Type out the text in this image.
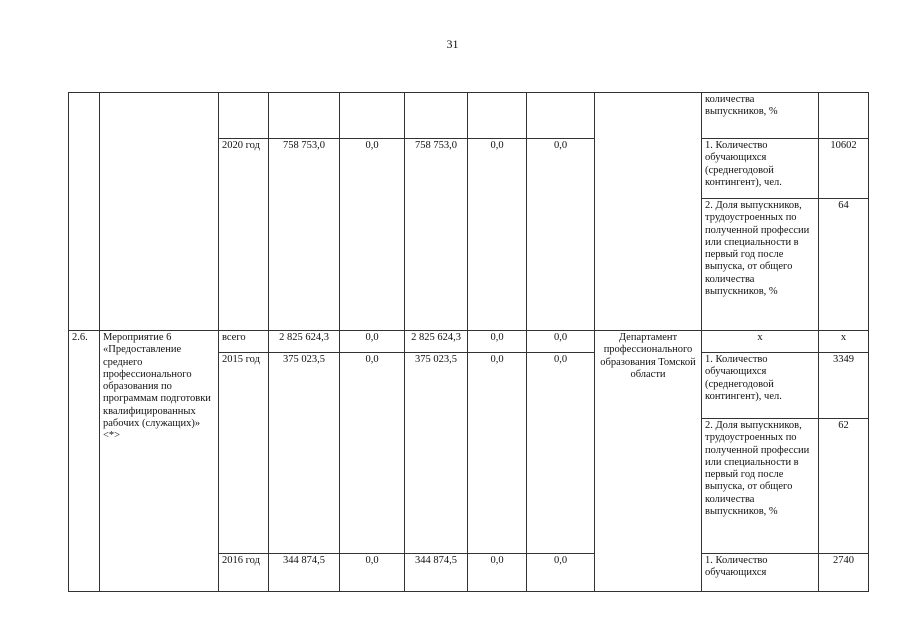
31
									количества выпускников, %	
		2020 год	758 753,0	0,0	758 753,0	0,0	0,0		1. Количество обучающихся (среднегодовой контингент), чел.	10602
									2. Доля выпускников, трудоустроенных по полученной профессии или специальности в первый год после выпуска, от общего количества выпускников, %	64
2.6.	Мероприятие 6 «Предоставление среднего профессионального образования по программам подготовки квалифицированных рабочих (служащих)» <*>	всего	2 825 624,3	0,0	2 825 624,3	0,0	0,0	Департамент профессионального образования Томской области	х	х
		2015 год	375 023,5	0,0	375 023,5	0,0	0,0		1. Количество обучающихся (среднегодовой контингент), чел.	3349
									2. Доля выпускников, трудоустроенных по полученной профессии или специальности в первый год после выпуска, от общего количества выпускников, %	62
		2016 год	344 874,5	0,0	344 874,5	0,0	0,0		1. Количество обучающихся	2740
